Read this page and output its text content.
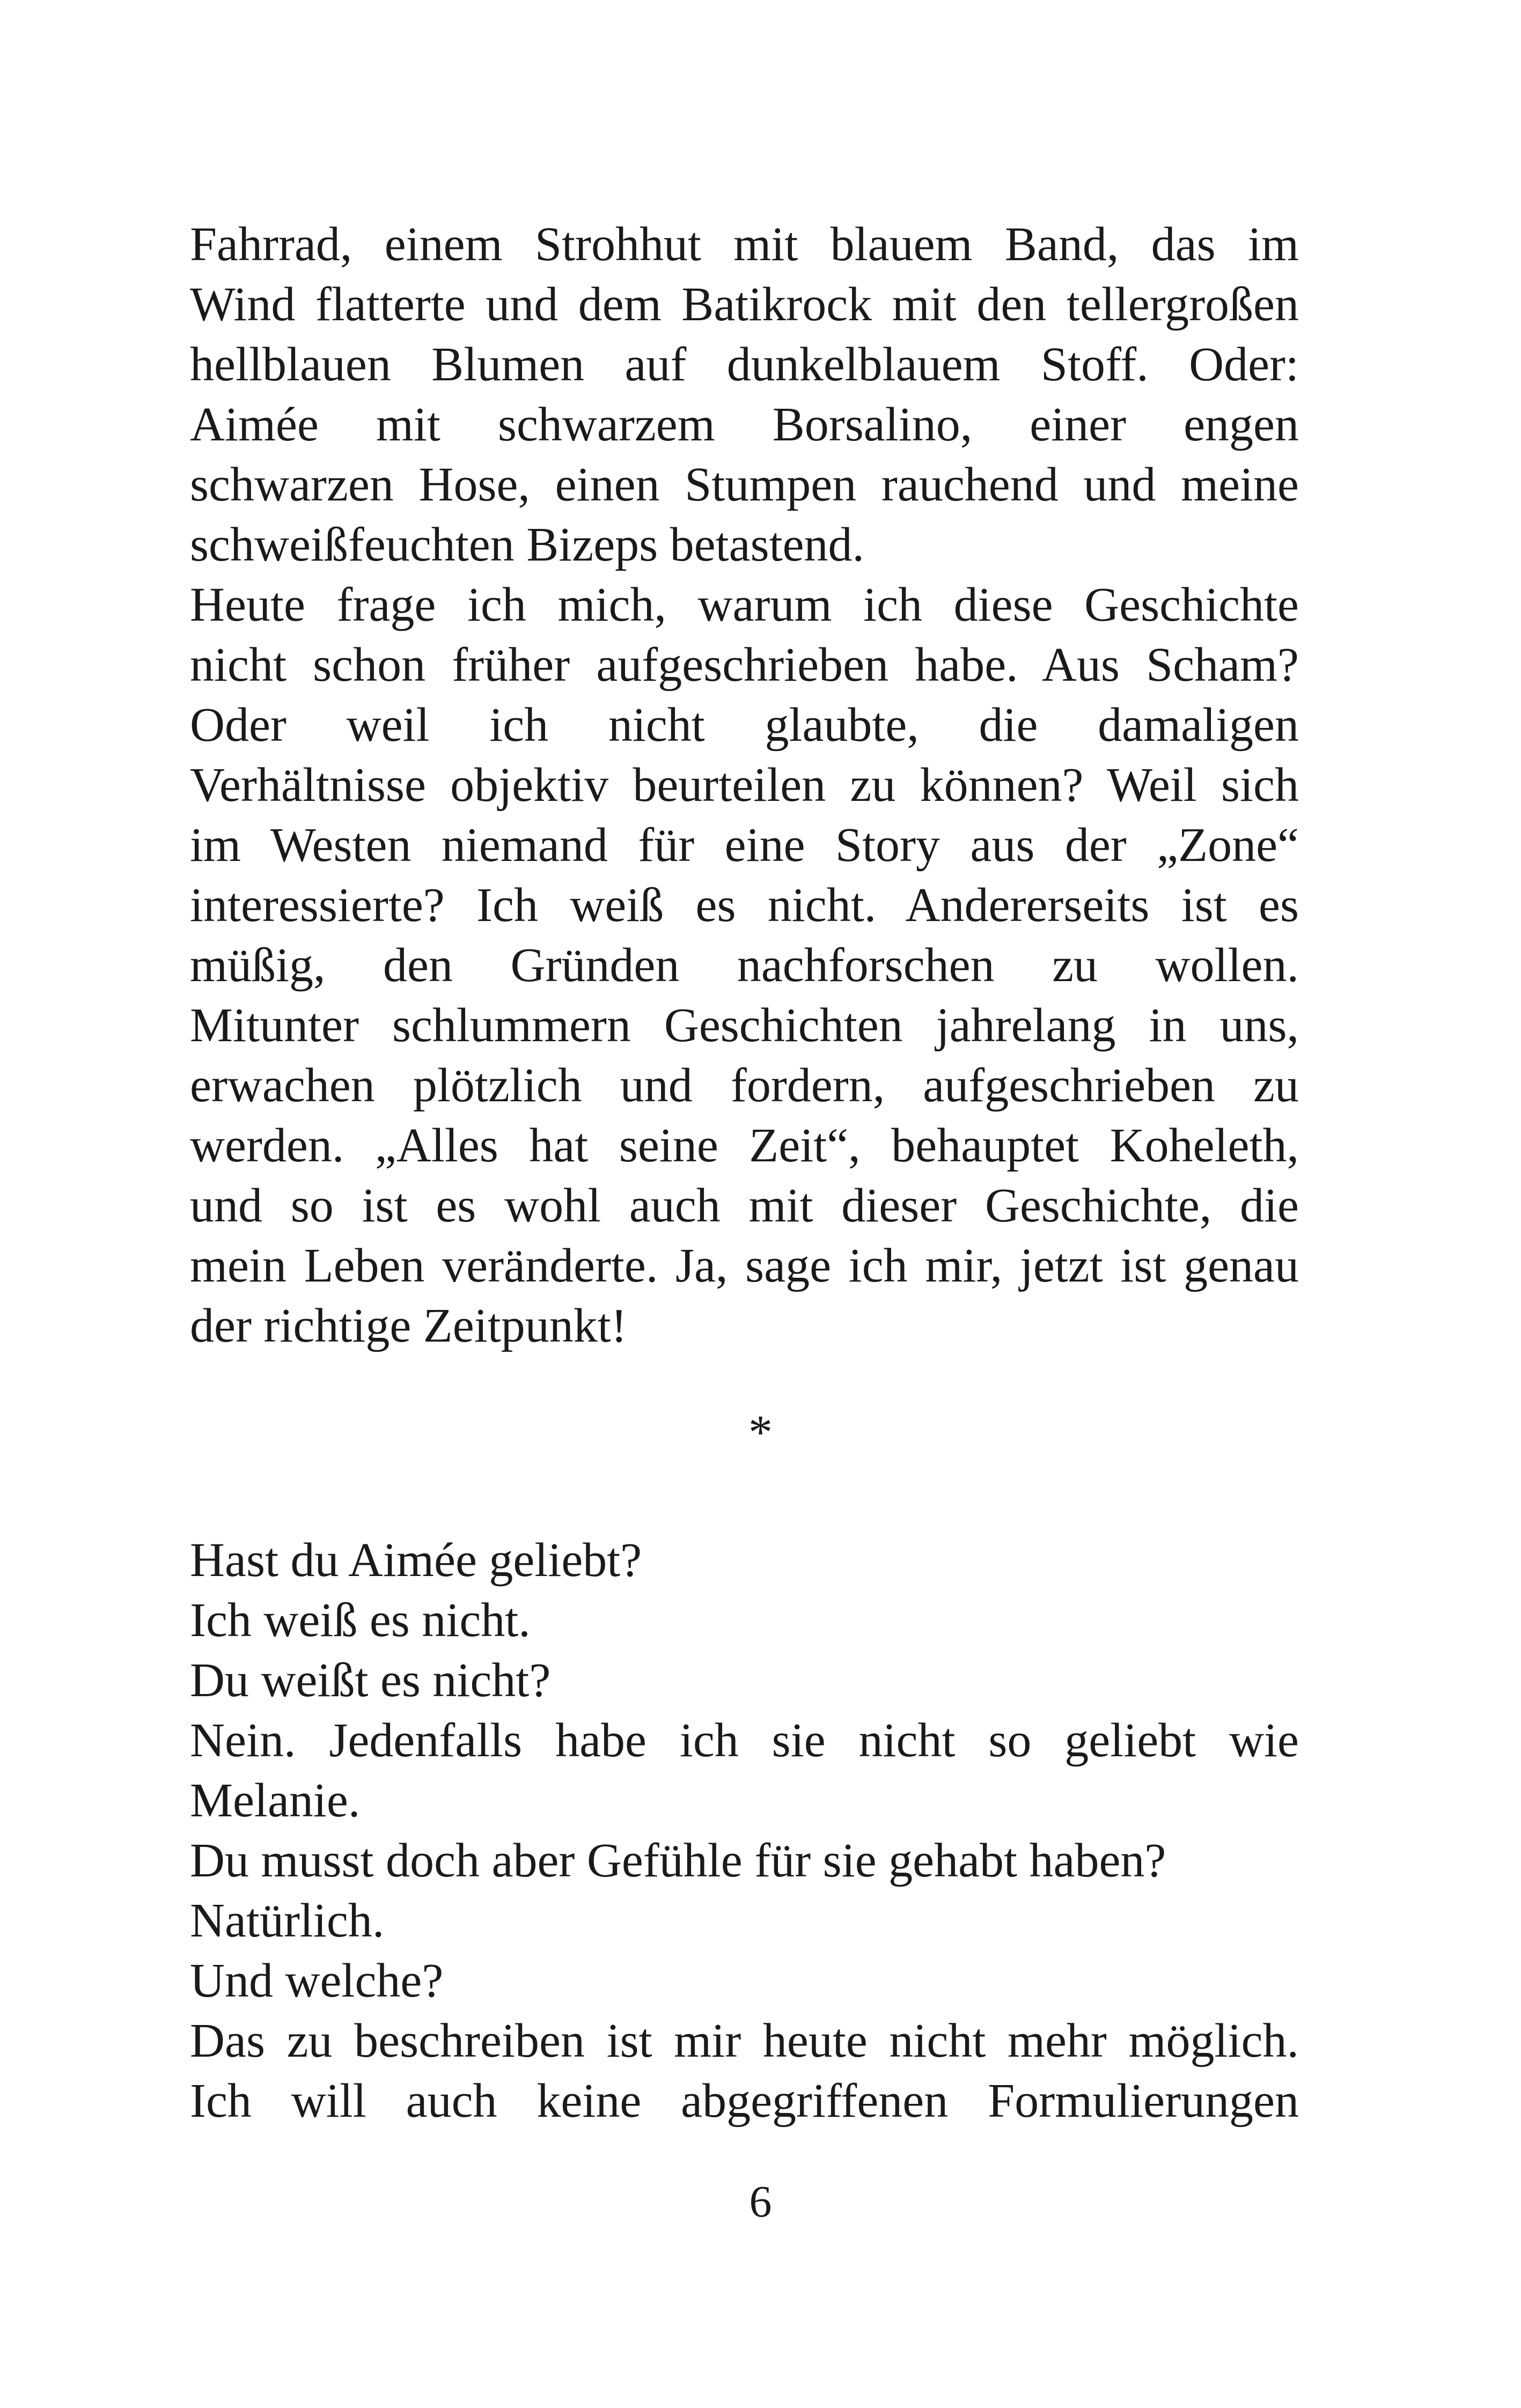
Fahrrad, einem Strohhut mit blauem Band, das im
Wind flatterte und dem Batikrock mit den tellergroßen
hellblauen Blumen auf dunkelblauem Stoff. Oder:
Aimée mit schwarzem Borsalino, einer engen
schwarzen Hose, einen Stumpen rauchend und meine
schweißfeuchten Bizeps betastend.
Heute frage ich mich, warum ich diese Geschichte
nicht schon früher aufgeschrieben habe. Aus Scham?
Oder weil ich nicht glaubte, die damaligen
Verhältnisse objektiv beurteilen zu können? Weil sich
im Westen niemand für eine Story aus der „Zone“
interessierte? Ich weiß es nicht. Andererseits ist es
müßig, den Gründen nachforschen zu wollen.
Mitunter schlummern Geschichten jahrelang in uns,
erwachen plötzlich und fordern, aufgeschrieben zu
werden. „Alles hat seine Zeit“, behauptet Koheleth,
und so ist es wohl auch mit dieser Geschichte, die
mein Leben veränderte. Ja, sage ich mir, jetzt ist genau
der richtige Zeitpunkt!
*
Hast du Aimée geliebt?
Ich weiß es nicht.
Du weißt es nicht?
Nein. Jedenfalls habe ich sie nicht so geliebt wie
Melanie.
Du musst doch aber Gefühle für sie gehabt haben?
Natürlich.
Und welche?
Das zu beschreiben ist mir heute nicht mehr möglich.
Ich will auch keine abgegriffenen Formulierungen
6
